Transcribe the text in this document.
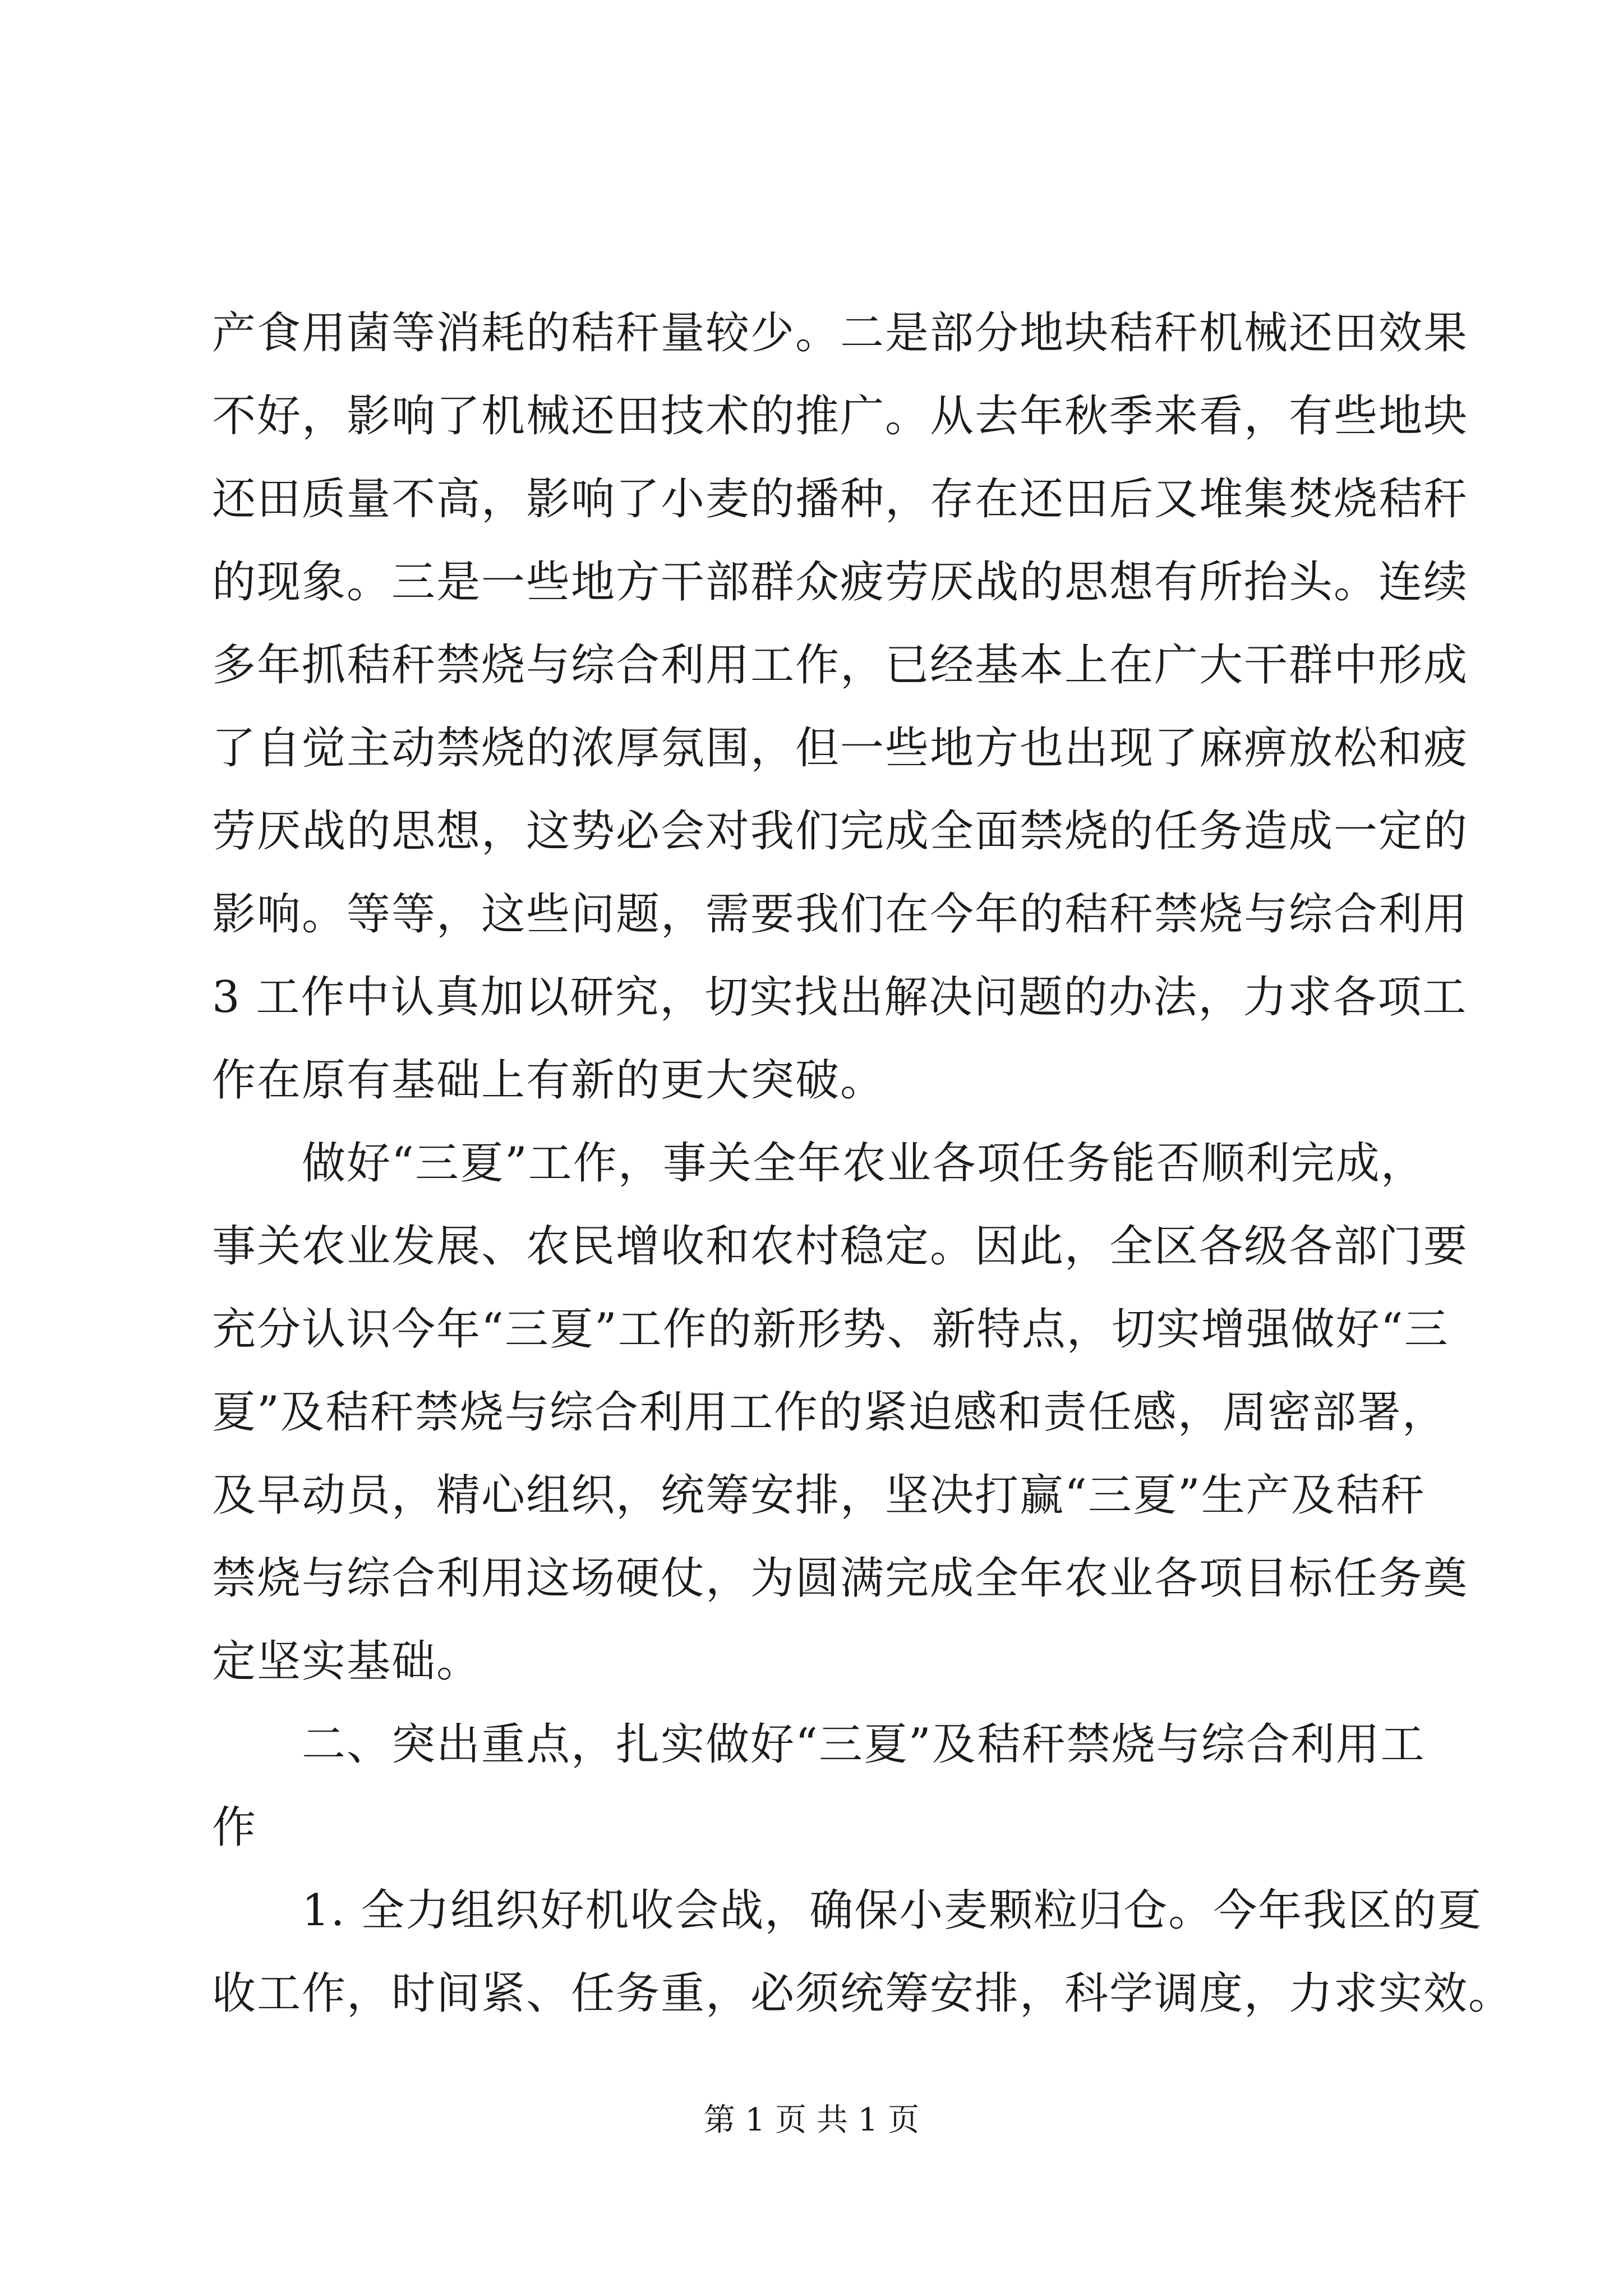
产食用菌等消耗的秸秆量较少。二是部分地块秸秆机械还田效果
不好，影响了机械还田技术的推广。从去年秋季来看，有些地块
还田质量不高，影响了小麦的播种，存在还田后又堆集焚烧秸秆
的现象。三是一些地方干部群众疲劳厌战的思想有所抬头。连续
多年抓秸秆禁烧与综合利用工作，已经基本上在广大干群中形成
了自觉主动禁烧的浓厚氛围，但一些地方也出现了麻痹放松和疲
劳厌战的思想，这势必会对我们完成全面禁烧的任务造成一定的
影响。等等，这些问题，需要我们在今年的秸秆禁烧与综合利用
3 工作中认真加以研究，切实找出解决问题的办法，力求各项工
作在原有基础上有新的更大突破。
做好“三夏”工作，事关全年农业各项任务能否顺利完成，
事关农业发展、农民增收和农村稳定。因此，全区各级各部门要
充分认识今年“三夏”工作的新形势、新特点，切实增强做好“三
夏”及秸秆禁烧与综合利用工作的紧迫感和责任感，周密部署，
及早动员，精心组织，统筹安排，坚决打赢“三夏”生产及秸秆
禁烧与综合利用这场硬仗，为圆满完成全年农业各项目标任务奠
定坚实基础。
二、突出重点，扎实做好“三夏”及秸秆禁烧与综合利用工
作
1. 全力组织好机收会战，确保小麦颗粒归仓。今年我区的夏
收工作，时间紧、任务重，必须统筹安排，科学调度，力求实效。
第 1 页 共 1 页
